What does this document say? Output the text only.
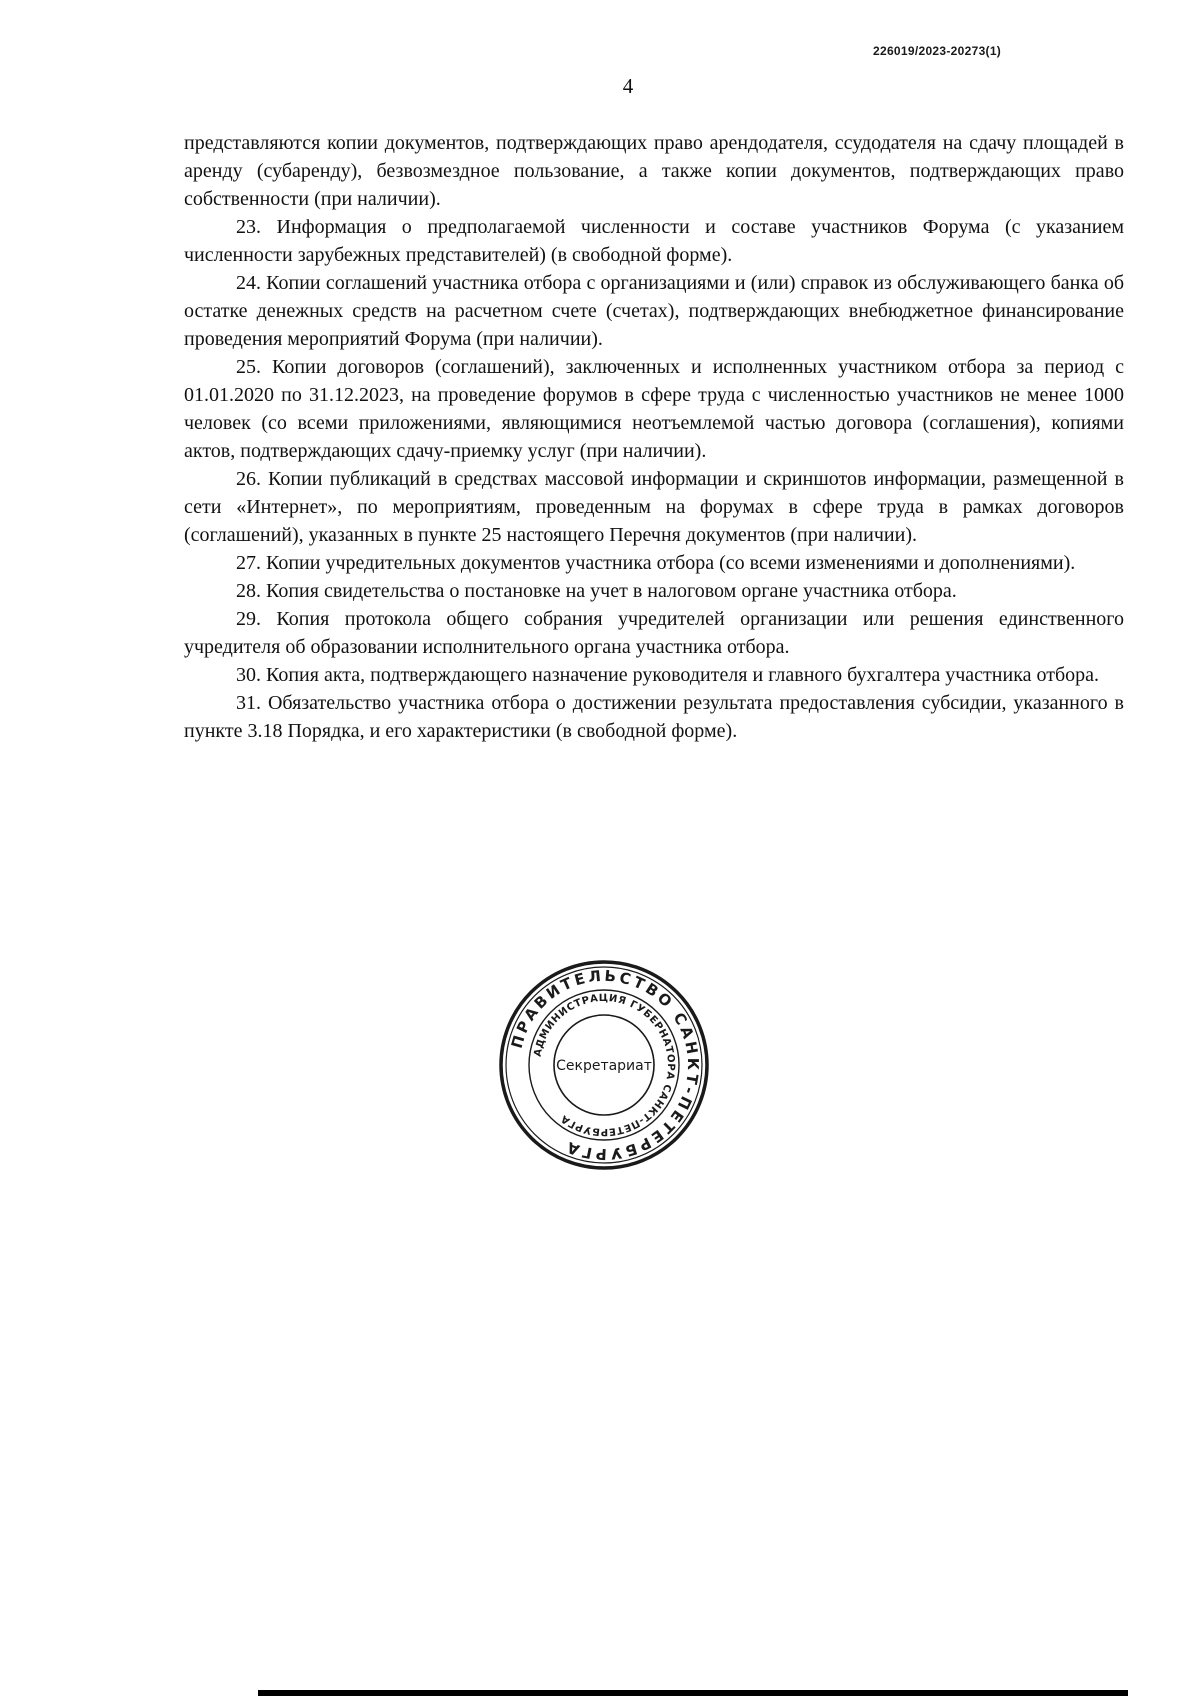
226019/2023-20273(1)
4

представляются копии документов, подтверждающих право арендодателя, ссудодателя на сдачу площадей в аренду (субаренду), безвозмездное пользование, а также копии документов, подтверждающих право собственности (при наличии).

23. Информация о предполагаемой численности и составе участников Форума (с указанием численности зарубежных представителей) (в свободной форме).

24. Копии соглашений участника отбора с организациями и (или) справок из обслуживающего банка об остатке денежных средств на расчетном счете (счетах), подтверждающих внебюджетное финансирование проведения мероприятий Форума (при наличии).

25. Копии договоров (соглашений), заключенных и исполненных участником отбора за период с 01.01.2020 по 31.12.2023, на проведение форумов в сфере труда с численностью участников не менее 1000 человек (со всеми приложениями, являющимися неотъемлемой частью договора (соглашения), копиями актов, подтверждающих сдачу-приемку услуг (при наличии).

26. Копии публикаций в средствах массовой информации и скриншотов информации, размещенной в сети «Интернет», по мероприятиям, проведенным на форумах в сфере труда в рамках договоров (соглашений), указанных в пункте 25 настоящего Перечня документов (при наличии).

27. Копии учредительных документов участника отбора (со всеми изменениями и дополнениями).

28. Копия свидетельства о постановке на учет в налоговом органе участника отбора.

29. Копия протокола общего собрания учредителей организации или решения единственного учредителя об образовании исполнительного органа участника отбора.

30. Копия акта, подтверждающего назначение руководителя и главного бухгалтера участника отбора.

31. Обязательство участника отбора о достижении результата предоставления субсидии, указанного в пункте 3.18 Порядка, и его характеристики (в свободной форме).

ПРАВИТЕЛЬСТВО САНКТ-ПЕТЕРБУРГА
АДМИНИСТРАЦИЯ ГУБЕРНАТОРА САНКТ-ПЕТЕРБУРГА
Секретариат
